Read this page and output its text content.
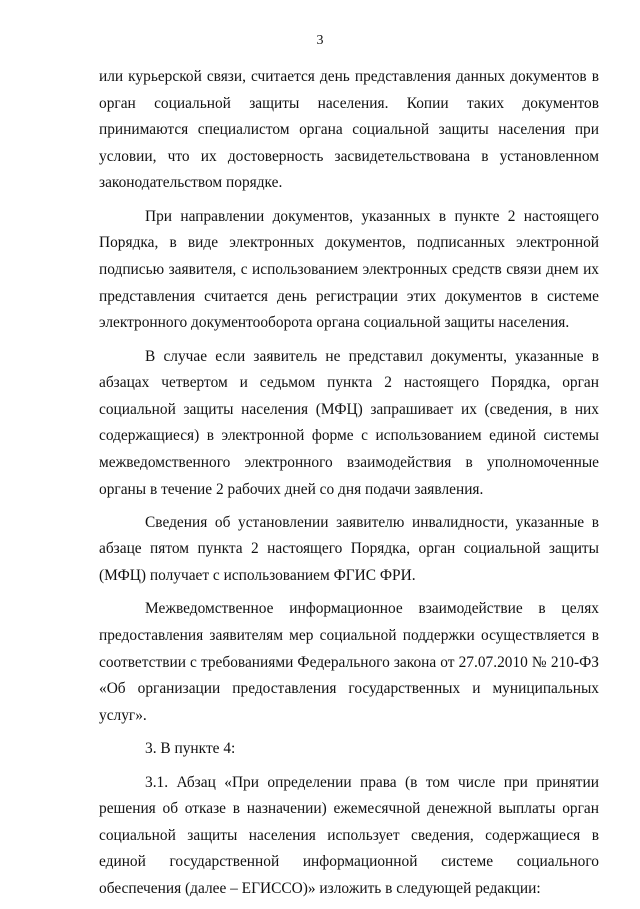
3

или курьерской связи, считается день представления данных документов в орган социальной защиты населения. Копии таких документов принимаются специалистом органа социальной защиты населения при условии, что их достоверность засвидетельствована в установленном законодательством порядке.

При направлении документов, указанных в пункте 2 настоящего Порядка, в виде электронных документов, подписанных электронной подписью заявителя, с использованием электронных средств связи днем их представления считается день регистрации этих документов в системе электронного документооборота органа социальной защиты населения.

В случае если заявитель не представил документы, указанные в абзацах четвертом и седьмом пункта 2 настоящего Порядка, орган социальной защиты населения (МФЦ) запрашивает их (сведения, в них содержащиеся) в электронной форме с использованием единой системы межведомственного электронного взаимодействия в уполномоченные органы в течение 2 рабочих дней со дня подачи заявления.

Сведения об установлении заявителю инвалидности, указанные в абзаце пятом пункта 2 настоящего Порядка, орган социальной защиты (МФЦ) получает с использованием ФГИС ФРИ.

Межведомственное информационное взаимодействие в целях предоставления заявителям мер социальной поддержки осуществляется в соответствии с требованиями Федерального закона от 27.07.2010 № 210-ФЗ «Об организации предоставления государственных и муниципальных услуг».

3. В пункте 4:

3.1. Абзац «При определении права (в том числе при принятии решения об отказе в назначении) ежемесячной денежной выплаты орган социальной защиты населения использует сведения, содержащиеся в единой государственной информационной системе социального обеспечения (далее – ЕГИССО)» изложить в следующей редакции:
